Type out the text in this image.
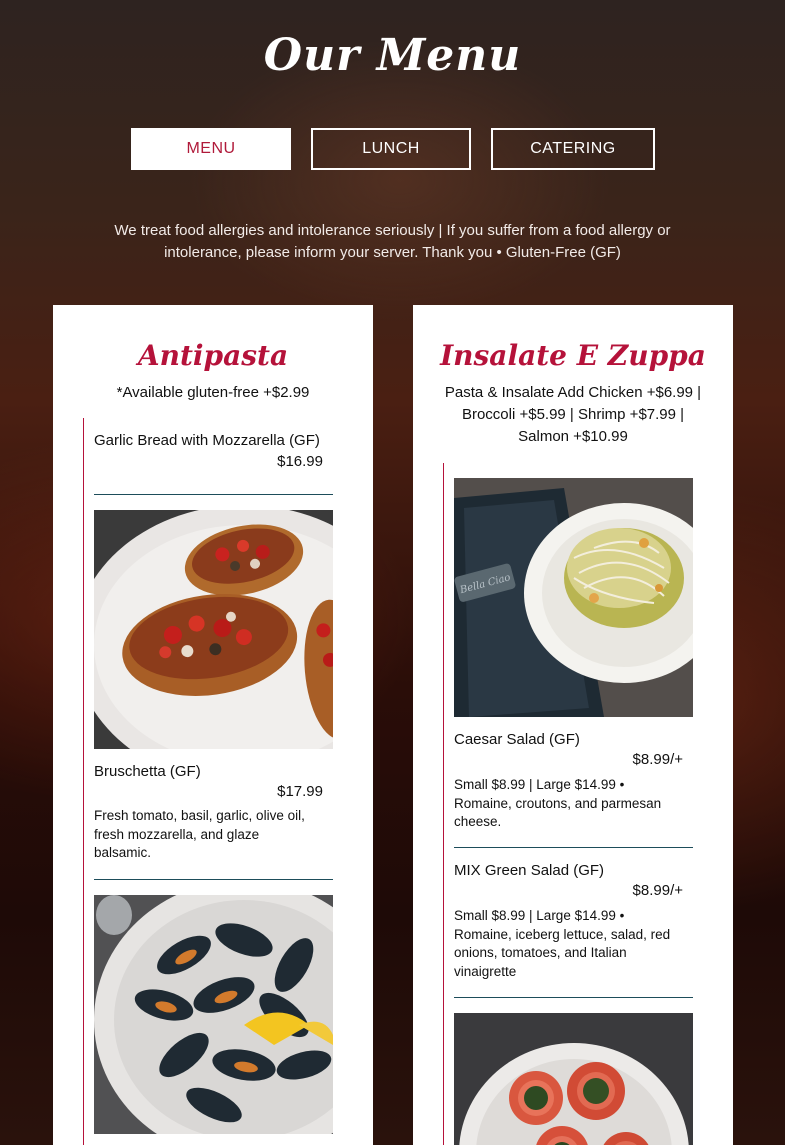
Our Menu
MENU	LUNCH	CATERING
We treat food allergies and intolerance seriously | If you suffer from a food allergy or intolerance, please inform your server. Thank you • Gluten-Free (GF)
Antipasta
*Available gluten-free +$2.99
Garlic Bread with Mozzarella (GF)
$16.99
Bruschetta (GF)
$17.99
Fresh tomato, basil, garlic, olive oil, fresh mozzarella, and glaze balsamic.
Insalate E Zuppa
Pasta & Insalate Add Chicken +$6.99 | Broccoli +$5.99 | Shrimp +$7.99 | Salmon +$10.99
Bella Ciao
Caesar Salad (GF)
$8.99/+
Small $8.99 | Large $14.99 • Romaine, croutons, and parmesan cheese.
MIX Green Salad (GF)
$8.99/+
Small $8.99 | Large $14.99 • Romaine, iceberg lettuce, salad, red onions, tomatoes, and Italian vinaigrette
